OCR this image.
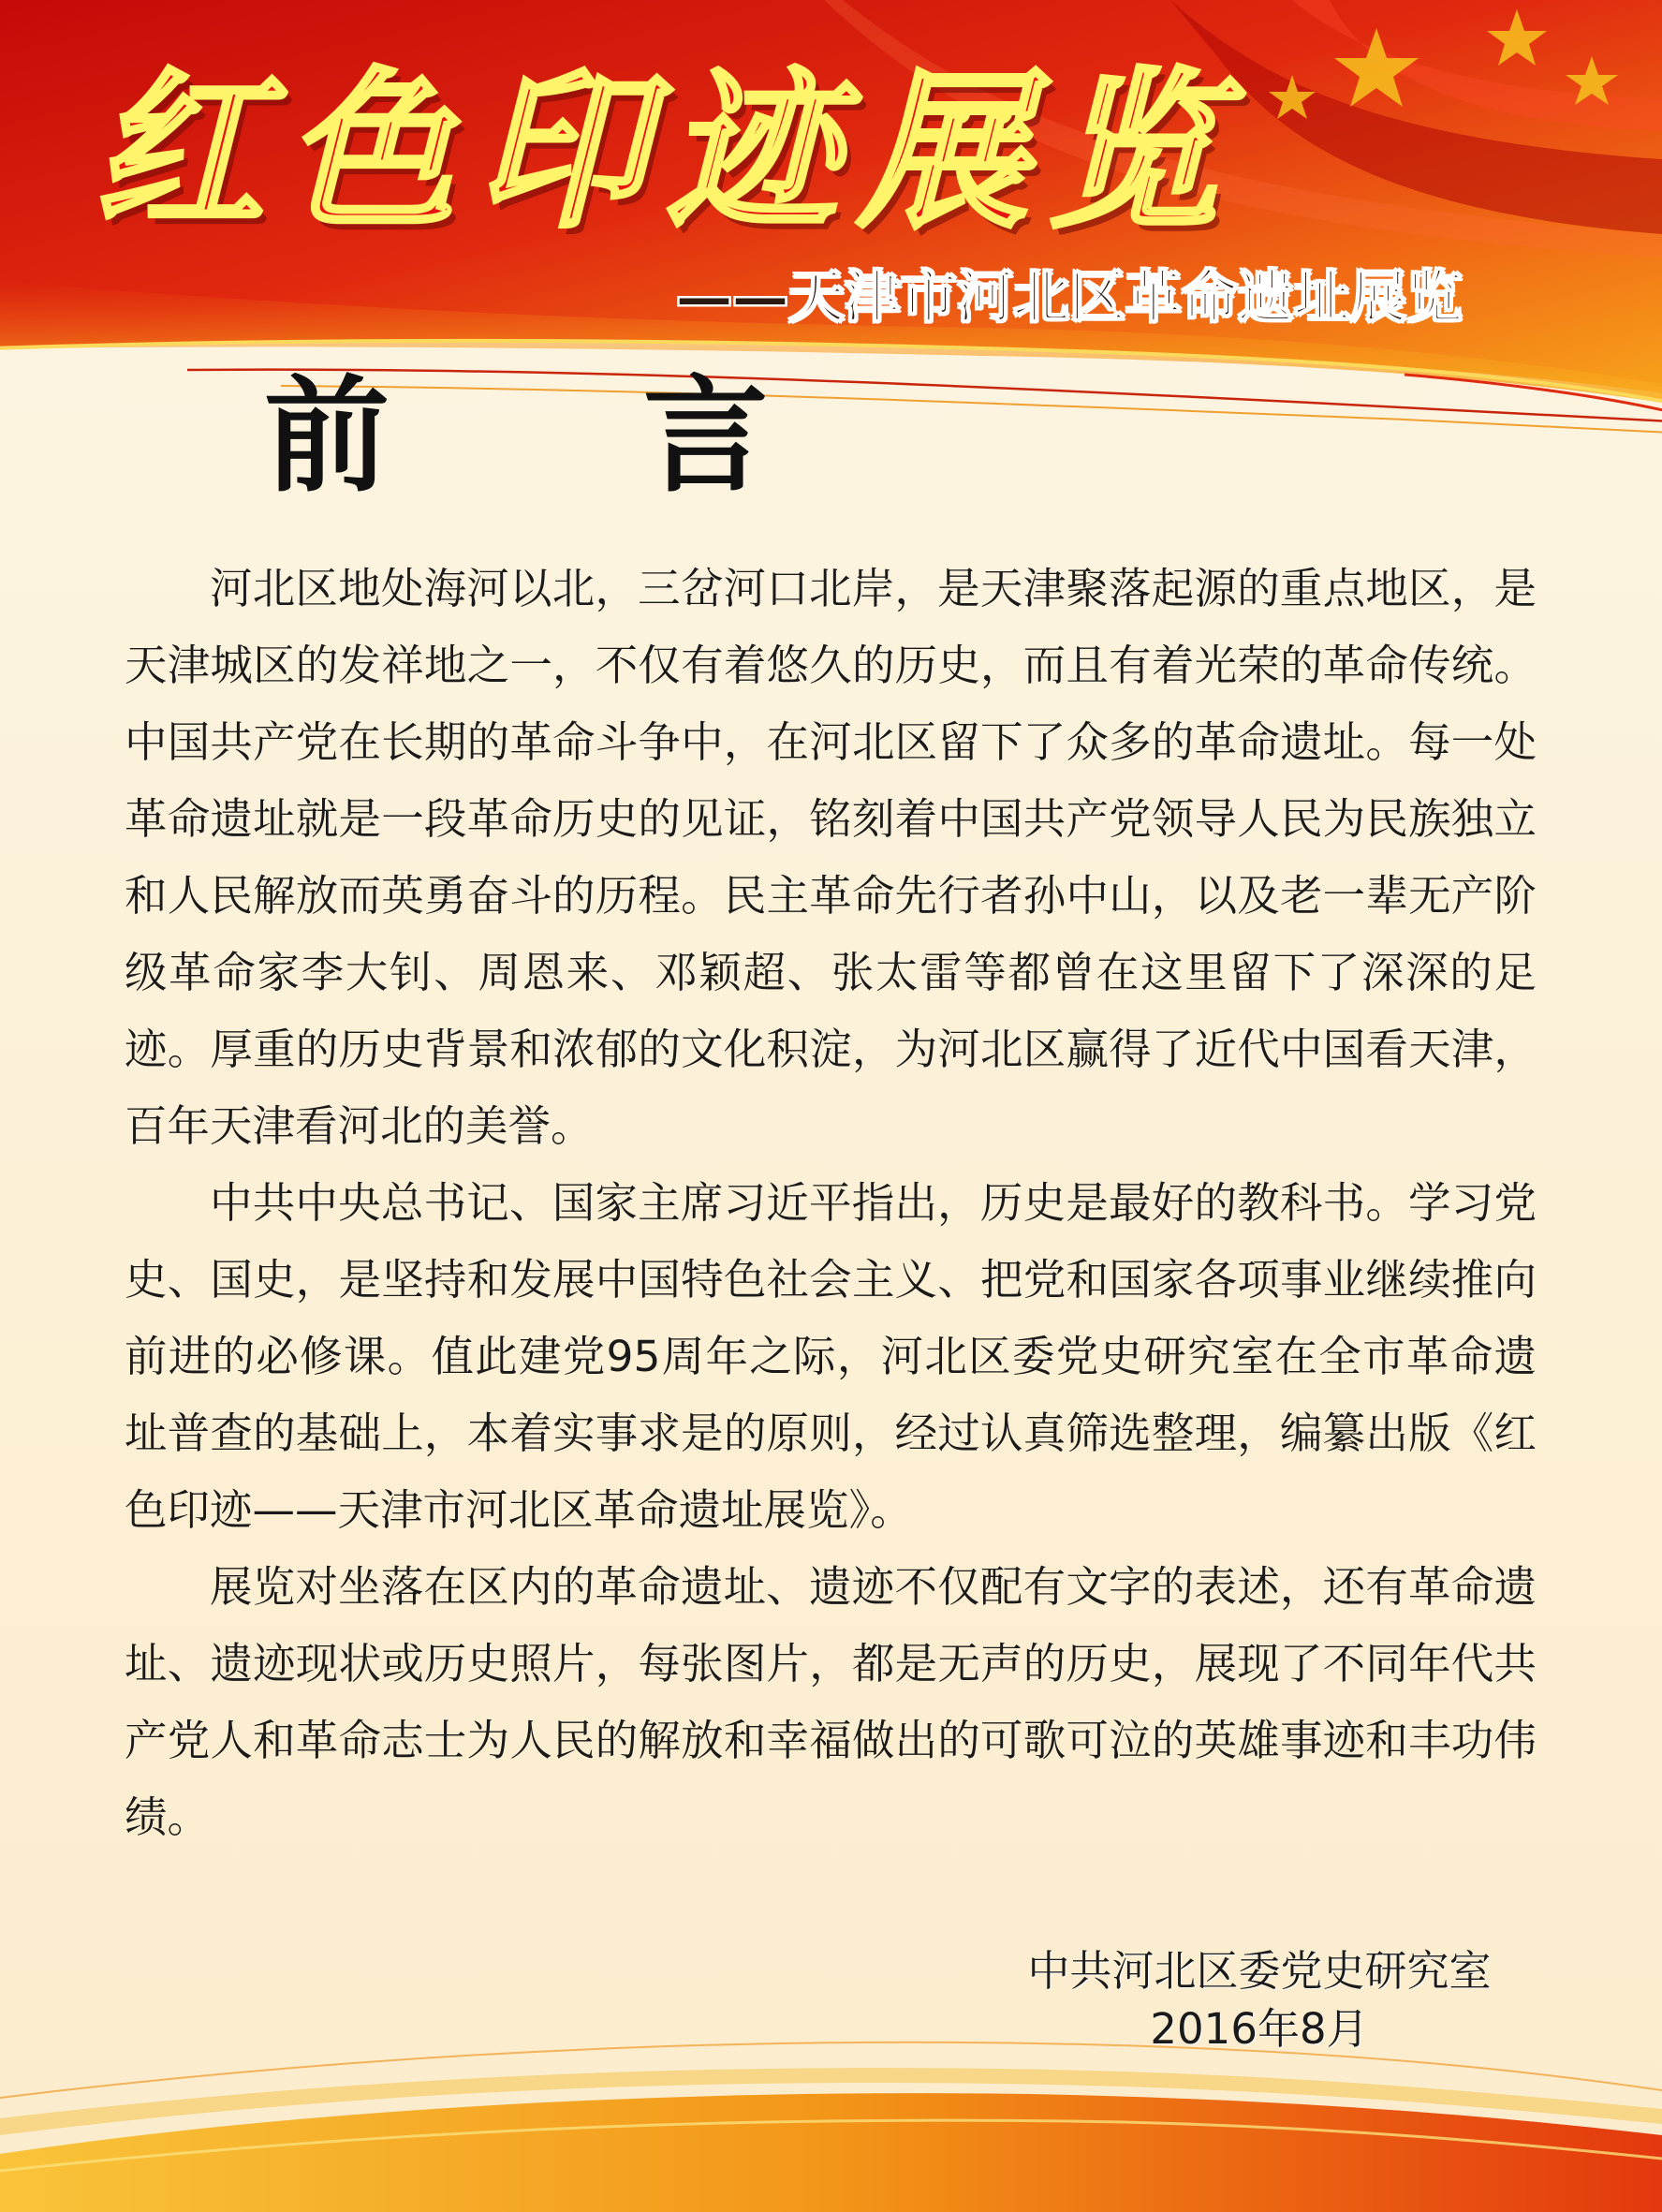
红色印迹展览
——天津市河北区革命遗址展览
前 言

河北区地处海河以北，三岔河口北岸，是天津聚落起源的重点地区，是天津城区的发祥地之一，不仅有着悠久的历史，而且有着光荣的革命传统。中国共产党在长期的革命斗争中，在河北区留下了众多的革命遗址。每一处革命遗址就是一段革命历史的见证，铭刻着中国共产党领导人民为民族独立和人民解放而英勇奋斗的历程。民主革命先行者孙中山，以及老一辈无产阶级革命家李大钊、周恩来、邓颖超、张太雷等都曾在这里留下了深深的足迹。厚重的历史背景和浓郁的文化积淀，为河北区赢得了近代中国看天津，百年天津看河北的美誉。

中共中央总书记、国家主席习近平指出，历史是最好的教科书。学习党史、国史，是坚持和发展中国特色社会主义、把党和国家各项事业继续推向前进的必修课。值此建党95周年之际，河北区委党史研究室在全市革命遗址普查的基础上，本着实事求是的原则，经过认真筛选整理，编纂出版《红色印迹——天津市河北区革命遗址展览》。

展览对坐落在区内的革命遗址、遗迹不仅配有文字的表述，还有革命遗址、遗迹现状或历史照片，每张图片，都是无声的历史，展现了不同年代共产党人和革命志士为人民的解放和幸福做出的可歌可泣的英雄事迹和丰功伟绩。

中共河北区委党史研究室
2016年8月
